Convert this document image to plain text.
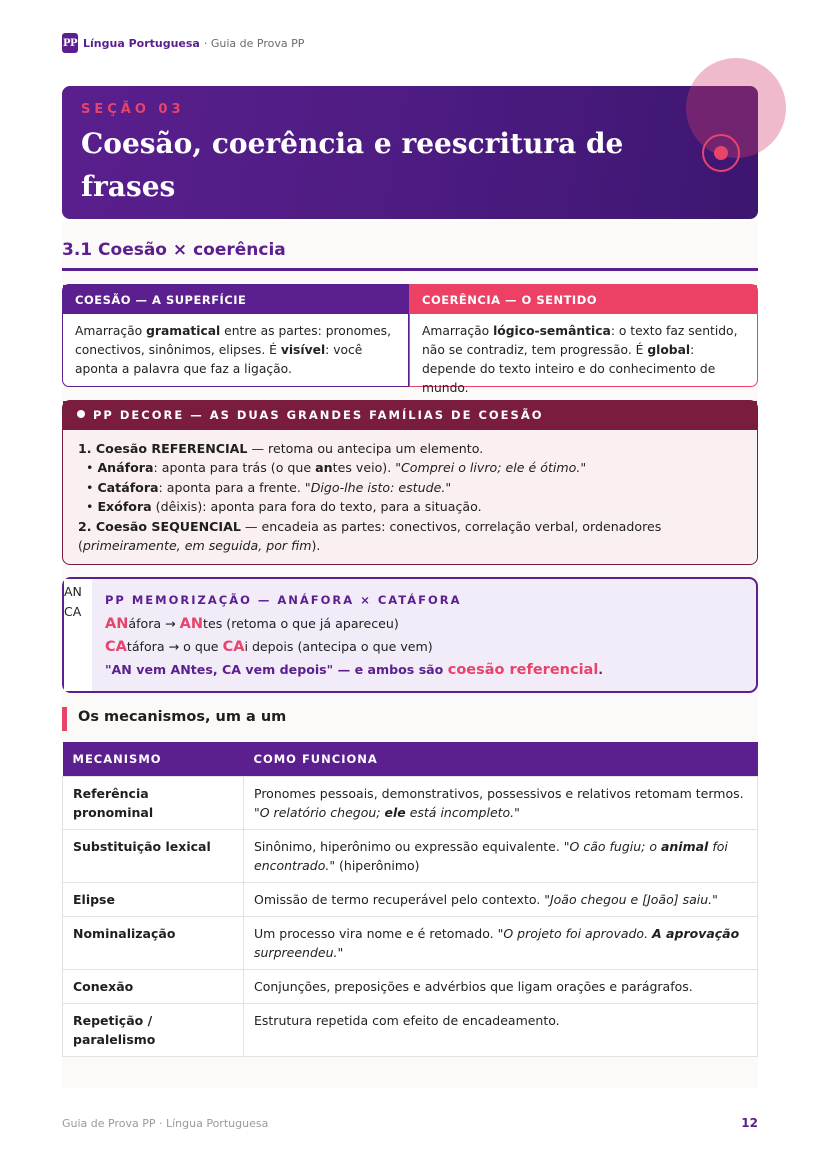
PP Língua Portuguesa · Guia de Prova PP
SEÇÃO 03
Coesão, coerência e reescritura de frases
3.1 Coesão × coerência
COESÃO — A SUPERFÍCIE
Amarração gramatical entre as partes: pronomes, conectivos, sinônimos, elipses. É visível: você aponta a palavra que faz a ligação.
COERÊNCIA — O SENTIDO
Amarração lógico-semântica: o texto faz sentido, não se contradiz, tem progressão. É global: depende do texto inteiro e do conhecimento de mundo.
PP DECORE — AS DUAS GRANDES FAMÍLIAS DE COESÃO
1. Coesão REFERENCIAL — retoma ou antecipa um elemento.
• Anáfora: aponta para trás (o que antes veio). "Comprei o livro; ele é ótimo."
• Catáfora: aponta para a frente. "Digo-lhe isto: estude."
• Exófora (dêixis): aponta para fora do texto, para a situação.
2. Coesão SEQUENCIAL — encadeia as partes: conectivos, correlação verbal, ordenadores (primeiramente, em seguida, por fim).
AN
CA
PP MEMORIZAÇÃO — ANÁFORA × CATÁFORA
ANáfora → ANtes (retoma o que já apareceu)
CAtáfora → o que CAi depois (antecipa o que vem)
"AN vem ANtes, CA vem depois" — e ambos são coesão referencial.
Os mecanismos, um a um
MECANISMO	COMO FUNCIONA
Referência pronominal	Pronomes pessoais, demonstrativos, possessivos e relativos retomam termos. "O relatório chegou; ele está incompleto."
Substituição lexical	Sinônimo, hiperônimo ou expressão equivalente. "O cão fugiu; o animal foi encontrado." (hiperônimo)
Elipse	Omissão de termo recuperável pelo contexto. "João chegou e [João] saiu."
Nominalização	Um processo vira nome e é retomado. "O projeto foi aprovado. A aprovação surpreendeu."
Conexão	Conjunções, preposições e advérbios que ligam orações e parágrafos.
Repetição / paralelismo	Estrutura repetida com efeito de encadeamento.
Guia de Prova PP · Língua Portuguesa	12
